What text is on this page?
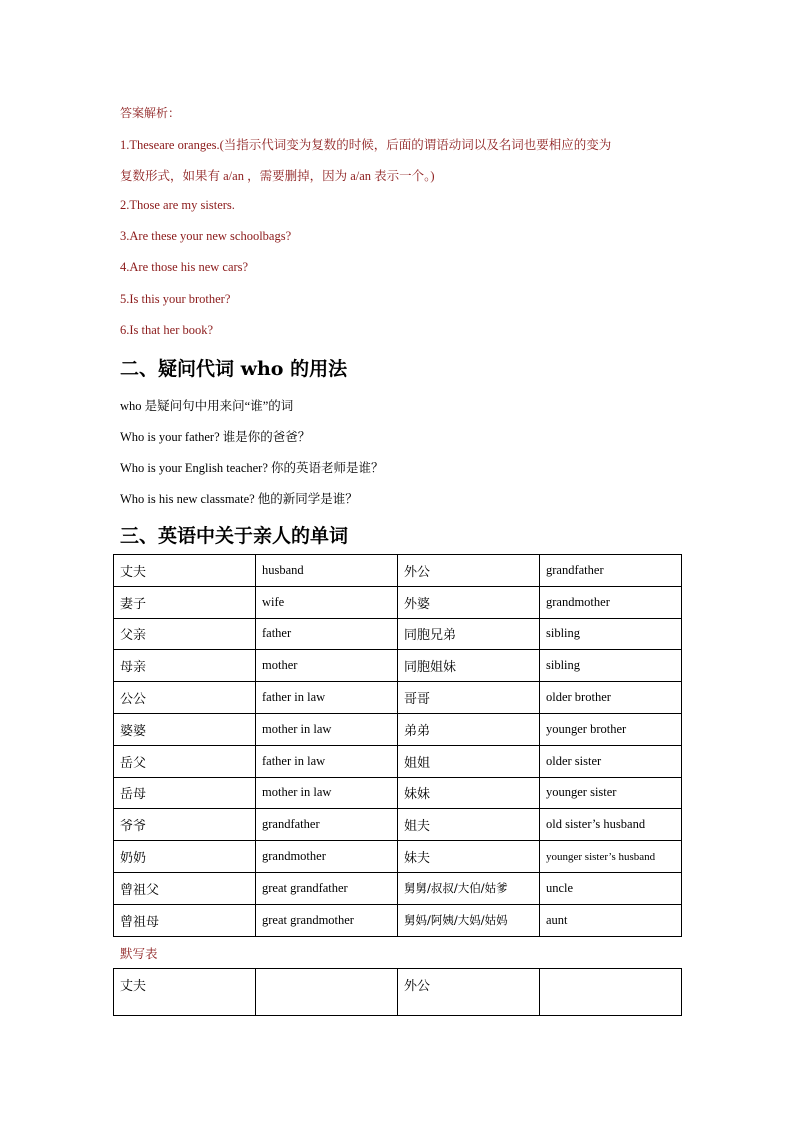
答案解析：
1.Theseare oranges.(当指示代词变为复数的时候，后面的谓语动词以及名词也要相应的变为
复数形式，如果有 a/an ，需要删掉，因为 a/an 表示一个。)
2.Those are my sisters.
3.Are these your new schoolbags?
4.Are those his new cars?
5.Is this your brother?
6.Is that her book?
二、疑问代词 who 的用法
who 是疑问句中用来问“谁”的词
Who is your father? 谁是你的爸爸？
Who is your English teacher? 你的英语老师是谁？
Who is his new classmate? 他的新同学是谁？
三、英语中关于亲人的单词
丈夫	husband	外公	grandfather
妻子	wife	外婆	grandmother
父亲	father	同胞兄弟	sibling
母亲	mother	同胞姐妹	sibling
公公	father in law	哥哥	older brother
婆婆	mother in law	弟弟	younger brother
岳父	father in law	姐姐	older sister
岳母	mother in law	妹妹	younger sister
爷爷	grandfather	姐夫	old sister’s husband
奶奶	grandmother	妹夫	younger sister’s husband
曾祖父	great grandfather	舅舅/叔叔/大伯/姑爹	uncle
曾祖母	great grandmother	舅妈/阿姨/大妈/姑妈	aunt
默写表
丈夫		外公	
